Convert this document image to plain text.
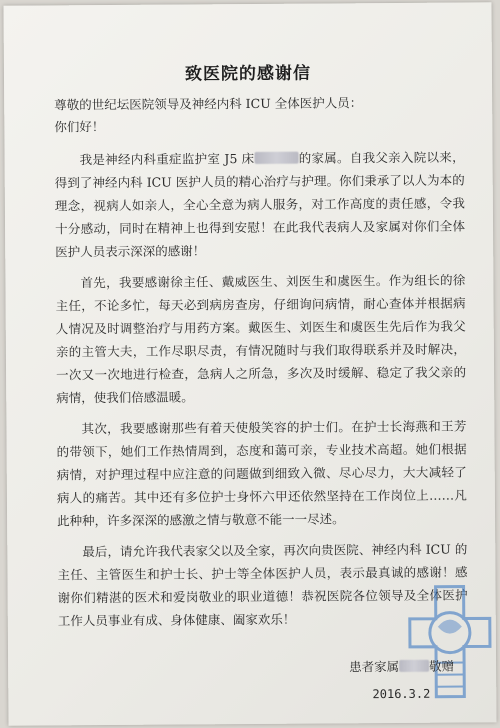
致医院的感谢信
尊敬的世纪坛医院领导及神经内科 ICU 全体医护人员：
你们好！

我是神经内科重症监护室 J5 床	的家属。自我父亲入院以来，得到了神经内科 ICU 医护人员的精心治疗与护理。你们秉承了以人为本的理念，视病人如亲人，全心全意为病人服务，对工作高度的责任感，令我十分感动，同时在精神上也得到安慰！在此我代表病人及家属对你们全体医护人员表示深深的感谢！

首先，我要感谢徐主任、戴威医生、刘医生和虞医生。作为组长的徐主任，不论多忙，每天必到病房查房，仔细询问病情，耐心查体并根据病人情况及时调整治疗与用药方案。戴医生、刘医生和虞医生先后作为我父亲的主管大夫，工作尽职尽责，有情况随时与我们取得联系并及时解决，一次又一次地进行检查，急病人之所急，多次及时缓解、稳定了我父亲的病情，使我们倍感温暖。

其次，我要感谢那些有着天使般笑容的护士们。在护士长海燕和王芳的带领下，她们工作热情周到，态度和蔼可亲，专业技术高超。她们根据病情，对护理过程中应注意的问题做到细致入微、尽心尽力，大大减轻了病人的痛苦。其中还有多位护士身怀六甲还依然坚持在工作岗位上……凡此种种，许多深深的感激之情与敬意不能一一尽述。

最后，请允许我代表家父以及全家，再次向贵医院、神经内科 ICU 的主任、主管医生和护士长、护士等全体医护人员，表示最真诚的感谢！感谢你们精湛的医术和爱岗敬业的职业道德！恭祝医院各位领导及全体医护工作人员事业有成、身体健康、阖家欢乐！

患者家属 敬赠
2016.3.2
